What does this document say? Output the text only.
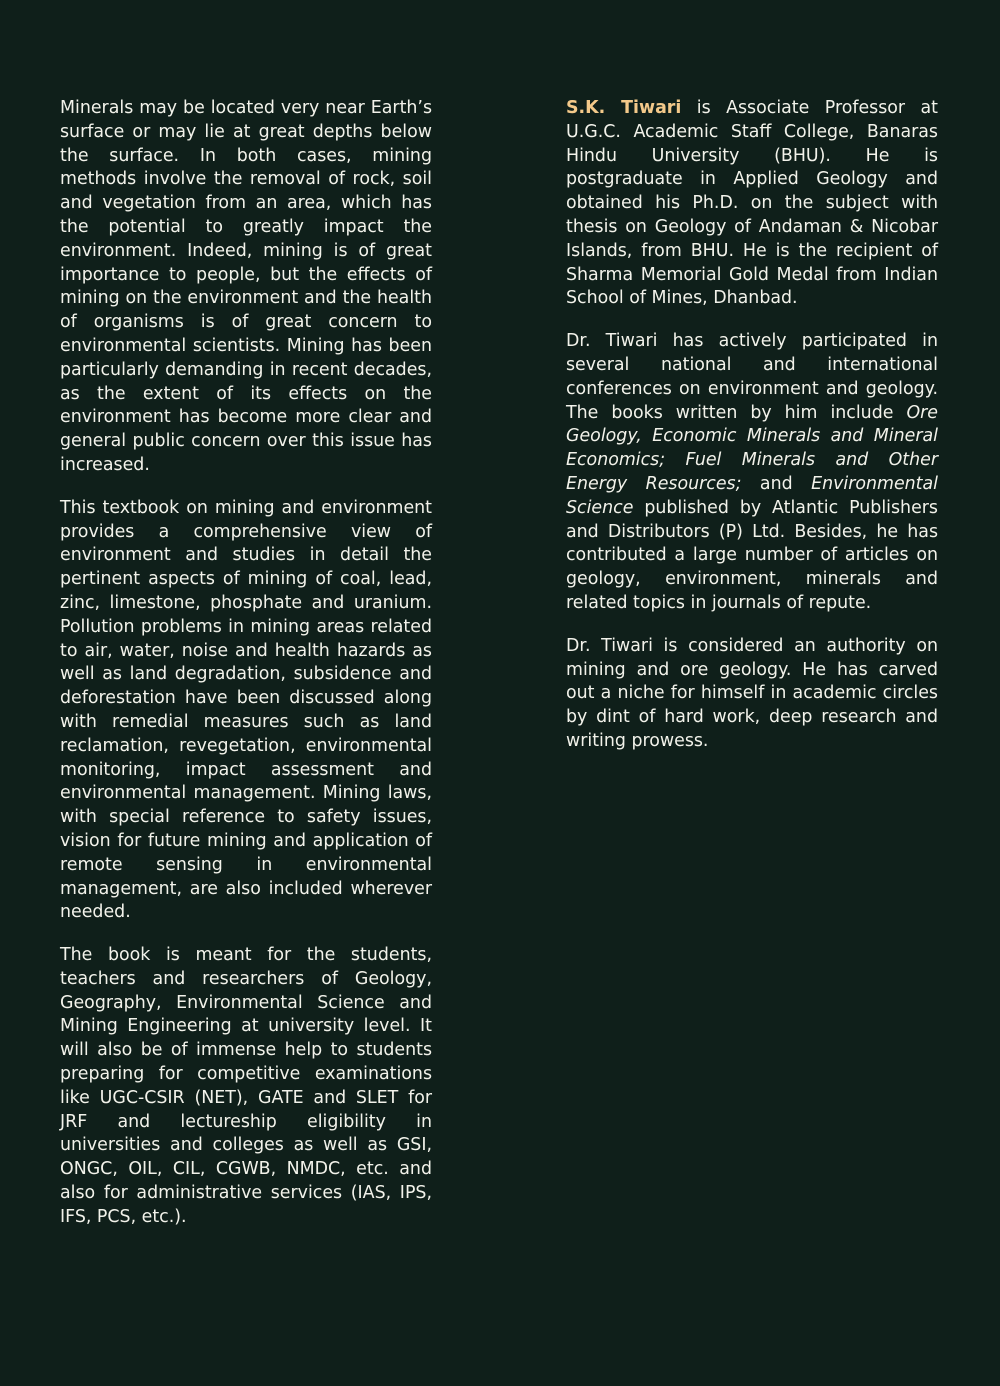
Minerals may be located very near Earth’s surface or may lie at great depths below the surface. In both cases, mining methods involve the removal of rock, soil and vegetation from an area, which has the potential to greatly impact the environment. Indeed, mining is of great importance to people, but the effects of mining on the environment and the health of organisms is of great concern to environmental scientists. Mining has been particularly demanding in recent decades, as the extent of its effects on the environment has become more clear and general public concern over this issue has increased.

This textbook on mining and environment provides a comprehensive view of environment and studies in detail the pertinent aspects of mining of coal, lead, zinc, limestone, phosphate and uranium. Pollution problems in mining areas related to air, water, noise and health hazards as well as land degradation, subsidence and deforestation have been discussed along with remedial measures such as land reclamation, revegetation, environmental monitoring, impact assessment and environmental management. Mining laws, with special reference to safety issues, vision for future mining and application of remote sensing in environmental management, are also included wherever needed.

The book is meant for the students, teachers and researchers of Geology, Geography, Environmental Science and Mining Engineering at university level. It will also be of immense help to students preparing for competitive examinations like UGC-CSIR (NET), GATE and SLET for JRF and lectureship eligibility in universities and colleges as well as GSI, ONGC, OIL, CIL, CGWB, NMDC, etc. and also for administrative services (IAS, IPS, IFS, PCS, etc.).

S.K. Tiwari is Associate Professor at U.G.C. Academic Staff College, Banaras Hindu University (BHU). He is postgraduate in Applied Geology and obtained his Ph.D. on the subject with thesis on Geology of Andaman & Nicobar Islands, from BHU. He is the recipient of Sharma Memorial Gold Medal from Indian School of Mines, Dhanbad.

Dr. Tiwari has actively participated in several national and international conferences on environment and geology. The books written by him include Ore Geology, Economic Minerals and Mineral Economics; Fuel Minerals and Other Energy Resources; and Environmental Science published by Atlantic Publishers and Distributors (P) Ltd. Besides, he has contributed a large number of articles on geology, environment, minerals and related topics in journals of repute.

Dr. Tiwari is considered an authority on mining and ore geology. He has carved out a niche for himself in academic circles by dint of hard work, deep research and writing prowess.
